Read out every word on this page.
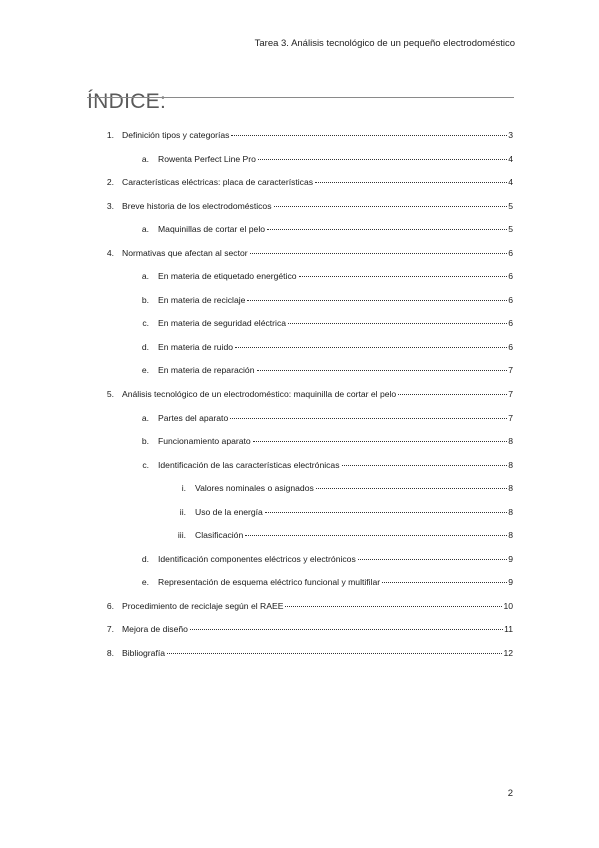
Tarea 3. Análisis tecnológico de un pequeño electrodoméstico
ÍNDICE:
1. Definición tipos y categorías	3
a. Rowenta Perfect Line Pro	4
2. Características eléctricas: placa de características	4
3. Breve historia de los electrodomésticos	5
a. Maquinillas de cortar el pelo	5
4. Normativas que afectan al sector	6
a. En materia de etiquetado energético	6
b. En materia de reciclaje	6
c. En materia de seguridad eléctrica	6
d. En materia de ruido	6
e. En materia de reparación	7
5. Análisis tecnológico de un electrodoméstico: maquinilla de cortar el pelo	7
a. Partes del aparato	7
b. Funcionamiento aparato	8
c. Identificación de las características electrónicas	8
i. Valores nominales o asignados	8
ii. Uso de la energía	8
iii. Clasificación	8
d. Identificación componentes eléctricos y electrónicos	9
e. Representación de esquema eléctrico funcional y multifilar	9
6. Procedimiento de reciclaje según el RAEE	10
7. Mejora de diseño	11
8. Bibliografía	12
2
